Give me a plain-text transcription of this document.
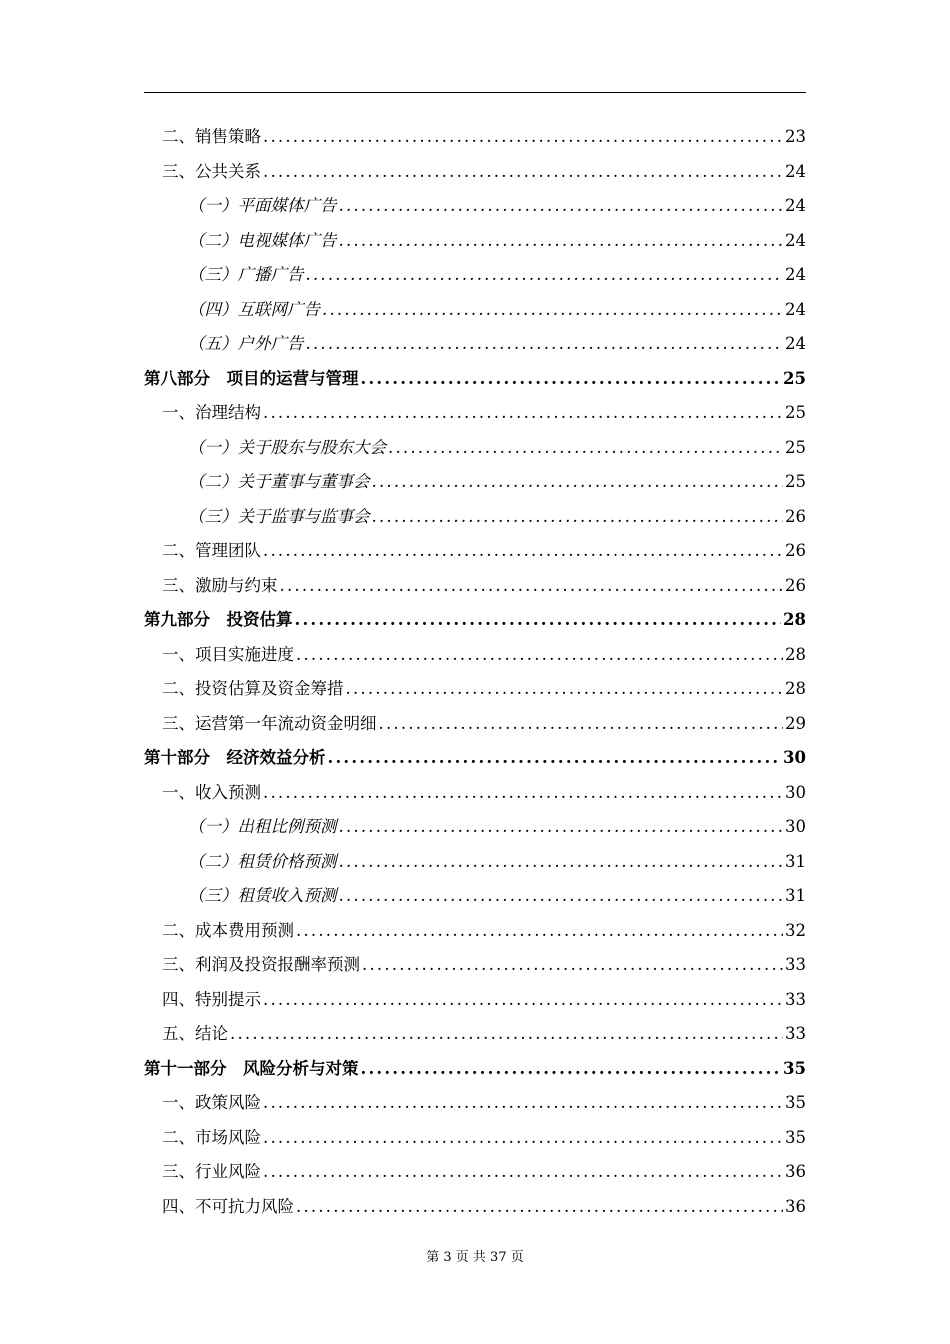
二、销售策略 .....	23
三、公共关系 .....	24
（一）平面媒体广告 .....	24
（二）电视媒体广告 .....	24
（三）广播广告 .....	24
（四）互联网广告 .....	24
（五）户外广告 .....	24
第八部分　项目的运营与管理 .....	25
一、治理结构 .....	25
（一）关于股东与股东大会 .....	25
（二）关于董事与董事会 .....	25
（三）关于监事与监事会 .....	26
二、管理团队 .....	26
三、激励与约束 .....	26
第九部分　投资估算 .....	28
一、项目实施进度 .....	28
二、投资估算及资金筹措 .....	28
三、运营第一年流动资金明细 .....	29
第十部分　经济效益分析 .....	30
一、收入预测 .....	30
（一）出租比例预测 .....	30
（二）租赁价格预测 .....	31
（三）租赁收入预测 .....	31
二、成本费用预测 .....	32
三、利润及投资报酬率预测 .....	33
四、特别提示 .....	33
五、结论 .....	33
第十一部分　风险分析与对策 .....	35
一、政策风险 .....	35
二、市场风险 .....	35
三、行业风险 .....	36
四、不可抗力风险 .....	36
第 3 页 共 37 页
